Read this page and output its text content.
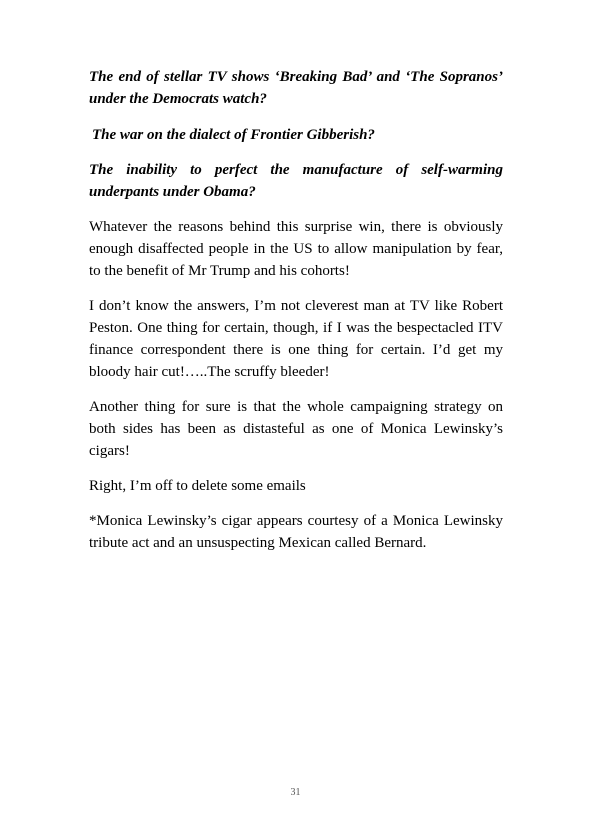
The end of stellar TV shows ‘Breaking Bad’ and ‘The Sopranos’ under the Democrats watch?

The war on the dialect of Frontier Gibberish?

The inability to perfect the manufacture of self-warming underpants under Obama?

Whatever the reasons behind this surprise win, there is obviously enough disaffected people in the US to allow manipulation by fear, to the benefit of Mr Trump and his cohorts!

I don’t know the answers, I’m not cleverest man at TV like Robert Peston. One thing for certain, though, if I was the bespectacled ITV finance correspondent there is one thing for certain. I’d get my bloody hair cut!…..The scruffy bleeder!

Another thing for sure is that the whole campaigning strategy on both sides has been as distasteful as one of Monica Lewinsky’s cigars!

Right, I’m off to delete some emails

*Monica Lewinsky’s cigar appears courtesy of a Monica Lewinsky tribute act and an unsuspecting Mexican called Bernard.

31
